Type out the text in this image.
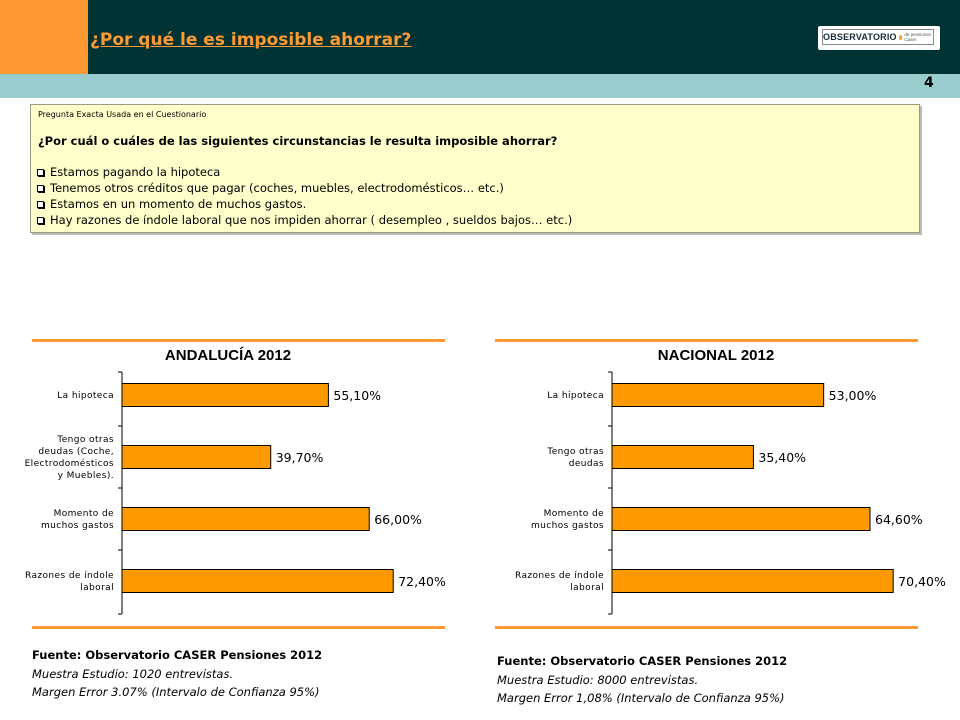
¿Por qué le es imposible ahorrar?	OBSERVATORIO de pensiones Caser
4
Pregunta Exacta Usada en el Cuestionario
¿Por cuál o cuáles de las siguientes circunstancias le resulta imposible ahorrar?
Estamos pagando la hipoteca
Tenemos otros créditos que pagar (coches, muebles, electrodomésticos… etc.)
Estamos en un momento de muchos gastos.
Hay razones de índole laboral que nos impiden ahorrar ( desempleo , sueldos bajos… etc.)
ANDALUCÍA 2012	NACIONAL 2012
55,10%
La hipoteca
39,70%
Tengo otras
deudas (Coche,
Electrodomésticos
y Muebles).
66,00%
Momento de
muchos gastos
72,40%
Razones de índole
laboral
53,00%
La hipoteca
35,40%
Tengo otras
deudas
64,60%
Momento de
muchos gastos
70,40%
Razones de índole
laboral
Fuente: Observatorio CASER Pensiones 2012
Muestra Estudio: 1020 entrevistas.
Margen Error 3.07% (Intervalo de Confianza 95%)
Fuente: Observatorio CASER Pensiones 2012
Muestra Estudio: 8000 entrevistas.
Margen Error 1,08% (Intervalo de Confianza 95%)
